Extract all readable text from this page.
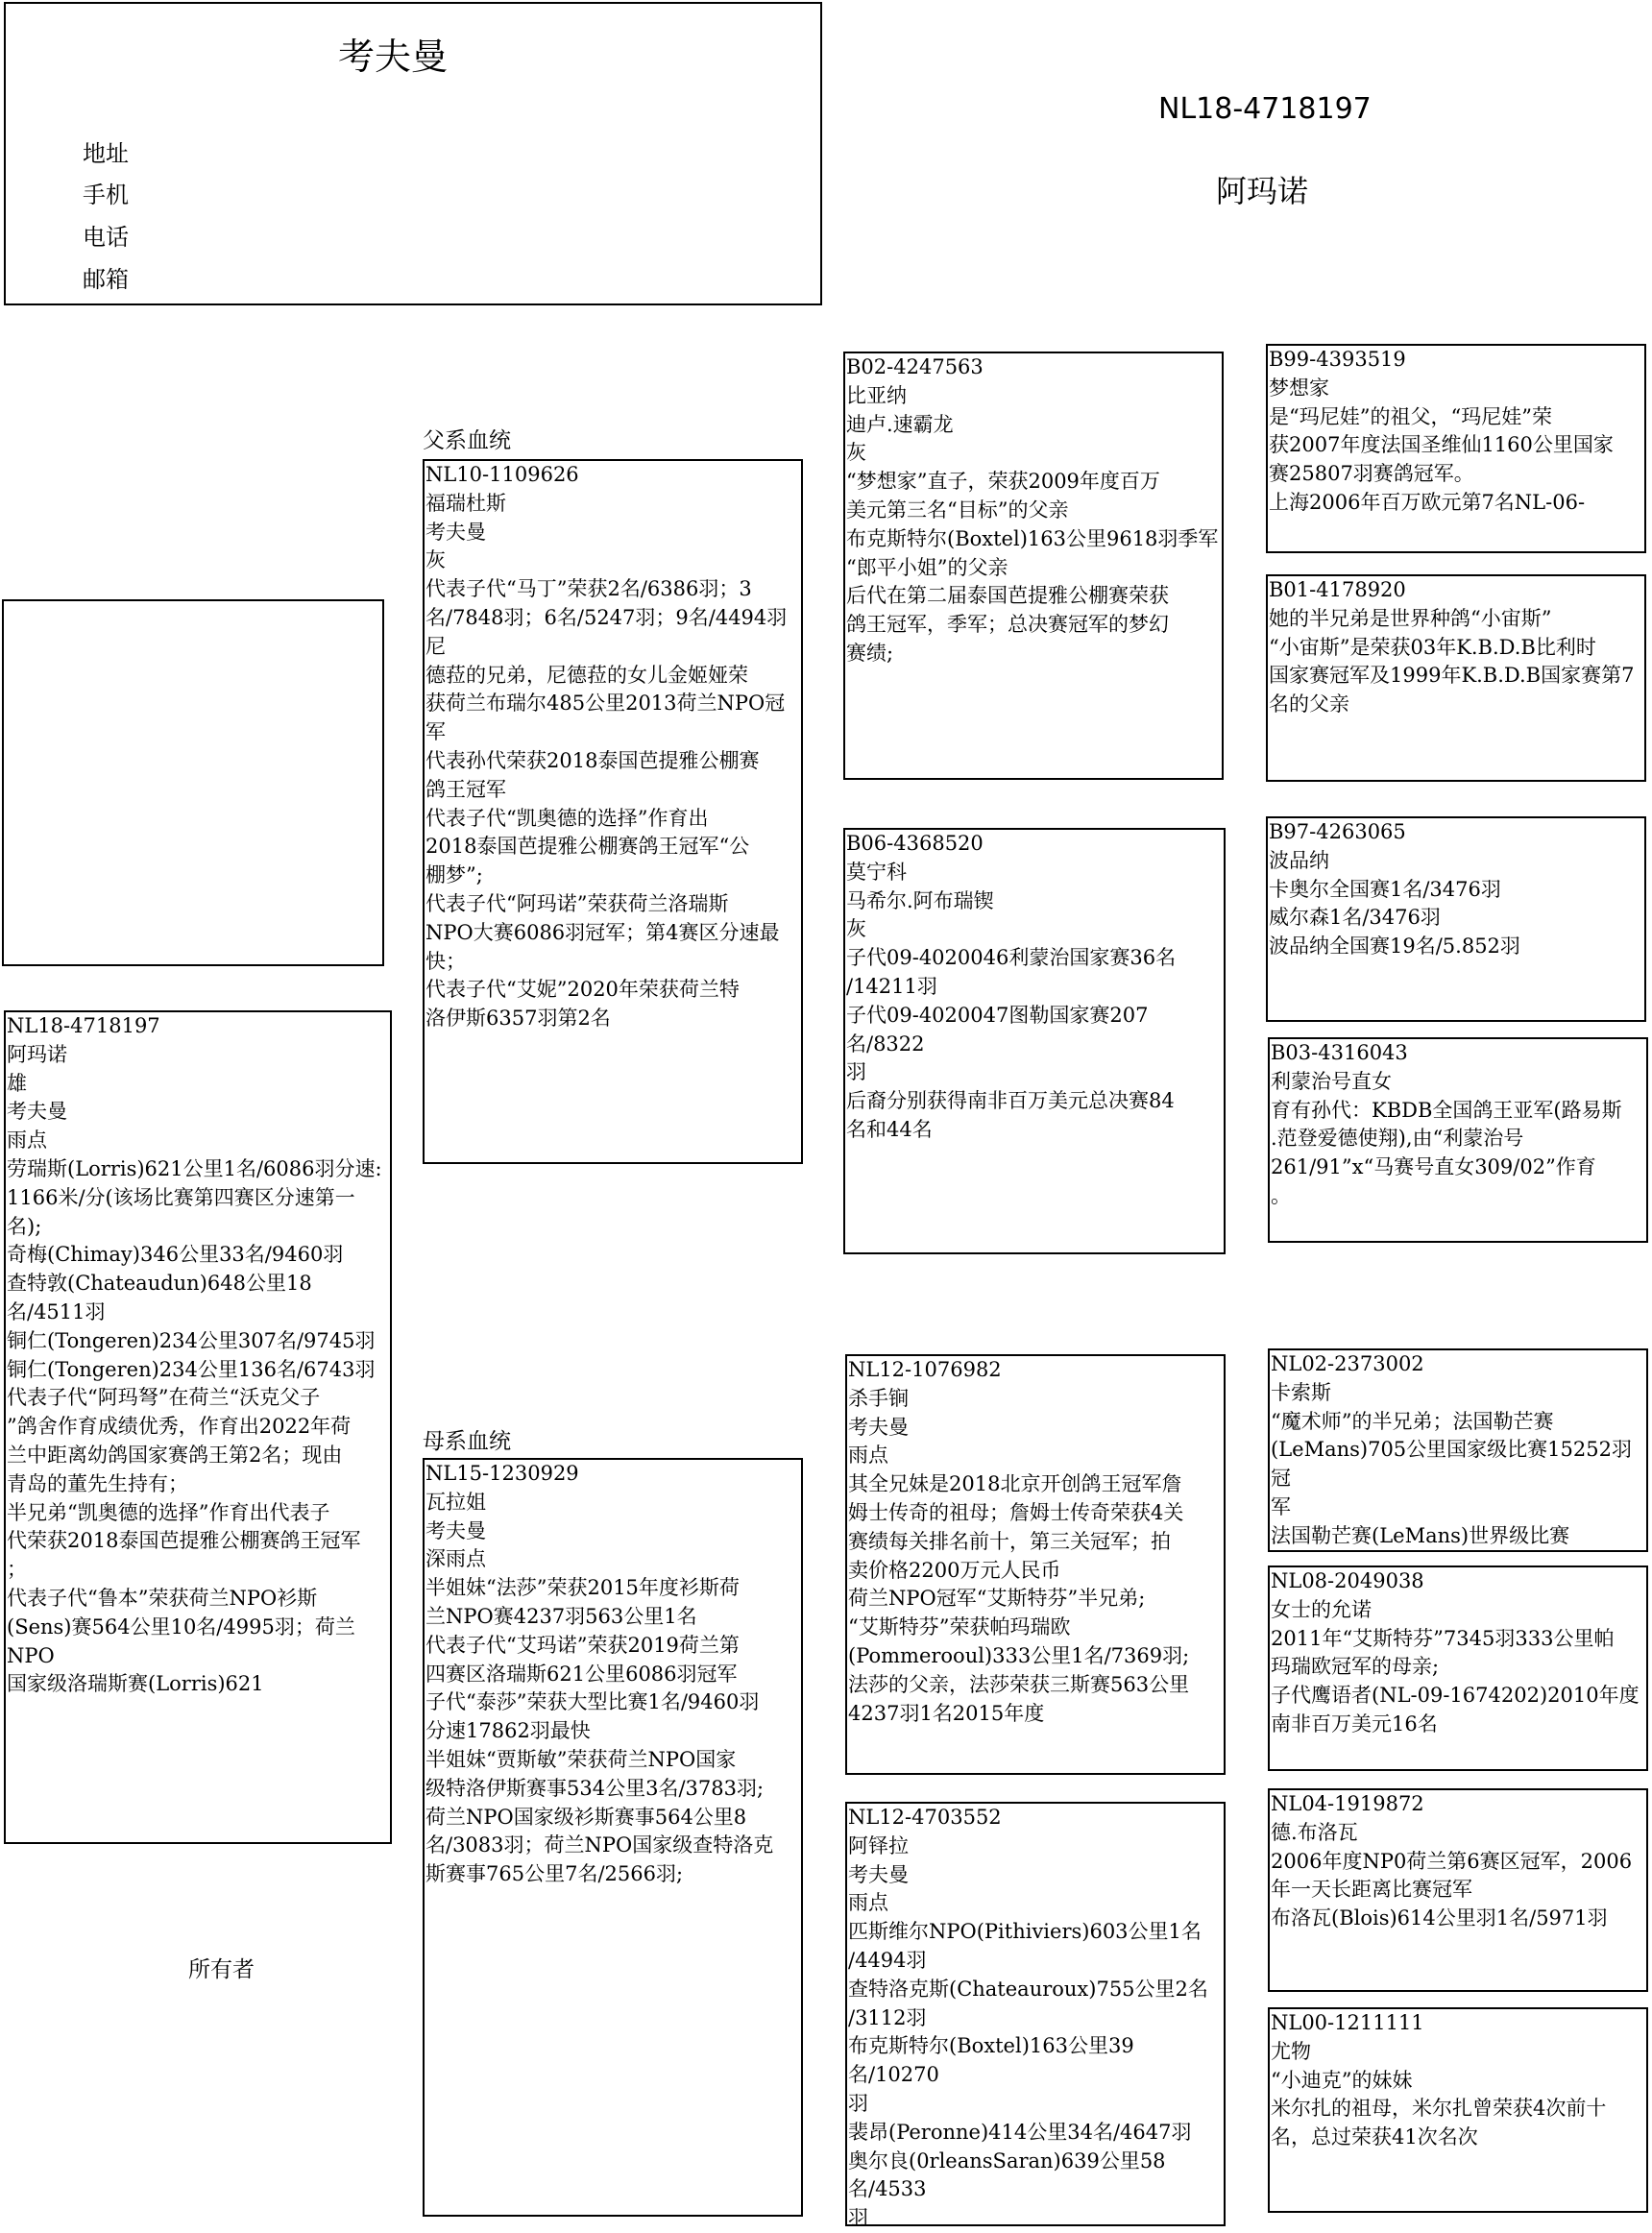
考夫曼
地址
手机
电话
邮箱
NL18-4718197
阿玛诺
NL18-4718197
阿玛诺
雄
考夫曼
雨点
劳瑞斯(Lorris)621公里1名/6086羽分速:
1166米/分(该场比赛第四赛区分速第一
名);
奇梅(Chimay)346公里33名/9460羽
查特敦(Chateaudun)648公里18名/4511羽
铜仁(Tongeren)234公里307名/9745羽
铜仁(Tongeren)234公里136名/6743羽
代表子代“阿玛弩”在荷兰“沃克父子
”鸽舍作育成绩优秀，作育出2022年荷
兰中距离幼鸽国家赛鸽王第2名；现由
青岛的董先生持有；
半兄弟“凯奥德的选择”作育出代表子
代荣获2018泰国芭提雅公棚赛鸽王冠军
；
代表子代“鲁本”荣获荷兰NPO衫斯
(Sens)赛564公里10名/4995羽；荷兰NPO
国家级洛瑞斯赛(Lorris)621
所有者
父系血统
母系血统
NL10-1109626
福瑞杜斯
考夫曼
灰
代表子代“马丁”荣获2名/6386羽；3
名/7848羽；6名/5247羽；9名/4494羽尼
德菈的兄弟，尼德菈的女儿金姬娅荣
获荷兰布瑞尔485公里2013荷兰NPO冠
军
代表孙代荣获2018泰国芭提雅公棚赛
鸽王冠军
代表子代“凯奥德的选择”作育出
2018泰国芭提雅公棚赛鸽王冠军“公
棚梦”;
代表子代“阿玛诺”荣获荷兰洛瑞斯
NPO大赛6086羽冠军；第4赛区分速最
快；
代表子代“艾妮”2020年荣获荷兰特
洛伊斯6357羽第2名
NL15-1230929
瓦拉姐
考夫曼
深雨点
半姐妹“法莎”荣获2015年度衫斯荷
兰NPO赛4237羽563公里1名
代表子代“艾玛诺”荣获2019荷兰第
四赛区洛瑞斯621公里6086羽冠军
子代“泰莎”荣获大型比赛1名/9460羽
分速17862羽最快
半姐妹“贾斯敏”荣获荷兰NPO国家
级特洛伊斯赛事534公里3名/3783羽;
荷兰NPO国家级衫斯赛事564公里8
名/3083羽；荷兰NPO国家级查特洛克
斯赛事765公里7名/2566羽;
B02-4247563
比亚纳
迪卢.速霸龙
灰
“梦想家”直子，荣获2009年度百万
美元第三名“目标”的父亲
布克斯特尔(Boxtel)163公里9618羽季军
“郎平小姐”的父亲
后代在第二届泰国芭提雅公棚赛荣获
鸽王冠军，季军；总决赛冠军的梦幻
赛绩;
B06-4368520
莫宁科
马希尔.阿布瑞锲
灰
子代09-4020046利蒙治国家赛36名
/14211羽
子代09-4020047图勒国家赛207名/8322
羽
后裔分别获得南非百万美元总决赛84
名和44名
NL12-1076982
杀手锏
考夫曼
雨点
其全兄妹是2018北京开创鸽王冠军詹
姆士传奇的祖母；詹姆士传奇荣获4关
赛绩每关排名前十，第三关冠军；拍
卖价格2200万元人民币
荷兰NPO冠军“艾斯特芬”半兄弟;
“艾斯特芬”荣获帕玛瑞欧
(Pommerooul)333公里1名/7369羽;
法莎的父亲，法莎荣获三斯赛563公里
4237羽1名2015年度
NL12-4703552
阿铎拉
考夫曼
雨点
匹斯维尔NPO(Pithiviers)603公里1名
/4494羽
查特洛克斯(Chateauroux)755公里2名
/3112羽
布克斯特尔(Boxtel)163公里39名/10270
羽
裴昂(Peronne)414公里34名/4647羽
奥尔良(0rleansSaran)639公里58名/4533
羽
B99-4393519
梦想家
是“玛尼娃”的祖父，“玛尼娃”荣
获2007年度法国圣维仙1160公里国家
赛25807羽赛鸽冠军。
上海2006年百万欧元第7名NL-06-
B01-4178920
她的半兄弟是世界种鸽“小宙斯”
“小宙斯”是荣获03年K.B.D.B比利时
国家赛冠军及1999年K.B.D.B国家赛第7
名的父亲
B97-4263065
波品纳
卡奥尔全国赛1名/3476羽
威尔森1名/3476羽
波品纳全国赛19名/5.852羽
B03-4316043
利蒙治号直女
育有孙代：KBDB全国鸽王亚军(路易斯
.范登爱德使翔),由“利蒙治号
261/91”x“马赛号直女309/02”作育
。
NL02-2373002
卡索斯
“魔术师”的半兄弟；法国勒芒赛
(LeMans)705公里国家级比赛15252羽冠
军
法国勒芒赛(LeMans)世界级比赛
NL08-2049038
女士的允诺
2011年“艾斯特芬”7345羽333公里帕
玛瑞欧冠军的母亲;
子代鹰语者(NL-09-1674202)2010年度
南非百万美元16名
NL04-1919872
德.布洛瓦
2006年度NP0荷兰第6赛区冠军，2006
年一天长距离比赛冠军
布洛瓦(Blois)614公里羽1名/5971羽
NL00-1211111
尤物
“小迪克”的妹妹
米尔扎的祖母，米尔扎曾荣获4次前十
名，总过荣获41次名次
